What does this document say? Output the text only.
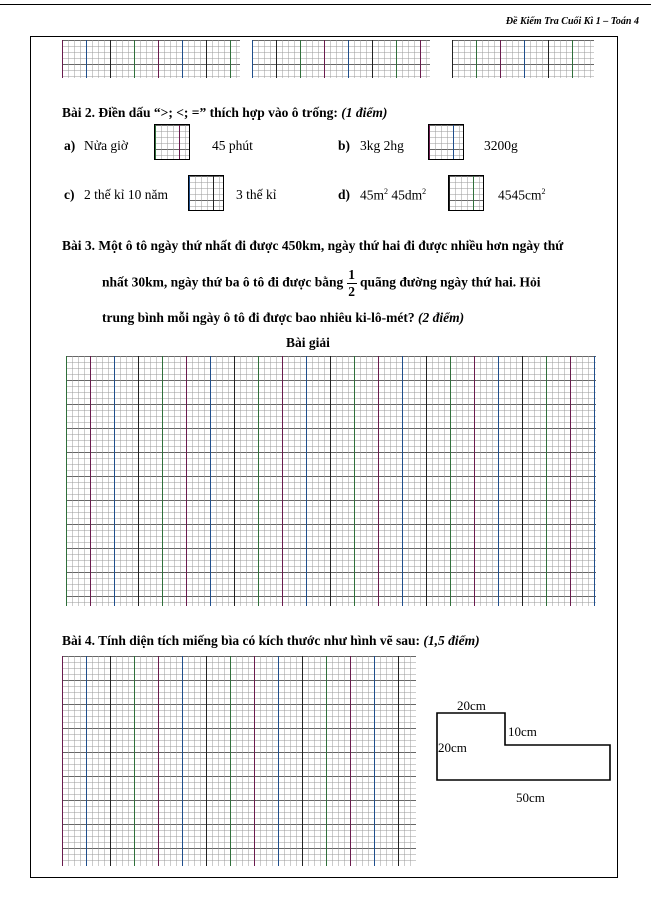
Đề Kiểm Tra Cuối Kì 1 – Toán 4
Bài 2. Điền dấu “>; <; =” thích hợp vào ô trống: (1 điểm)
a) Nửa giờ	45 phút	b) 3kg 2hg	3200g
c) 2 thế kỉ 10 năm	3 thế kỉ	d) $45m^2$ $45dm^2$	$4545cm^2$
Bài 3. Một ô tô ngày thứ nhất đi được 450km, ngày thứ hai đi được nhiều hơn ngày thứ
nhất 30km, ngày thứ ba ô tô đi được bằng $\frac{1}{2}$ quãng đường ngày thứ hai. Hỏi
trung bình mỗi ngày ô tô đi được bao nhiêu ki-lô-mét? (2 điểm)
Bài giải
Bài 4. Tính diện tích miếng bìa có kích thước như hình vẽ sau: (1,5 điểm)
20cm
10cm
20cm
50cm
